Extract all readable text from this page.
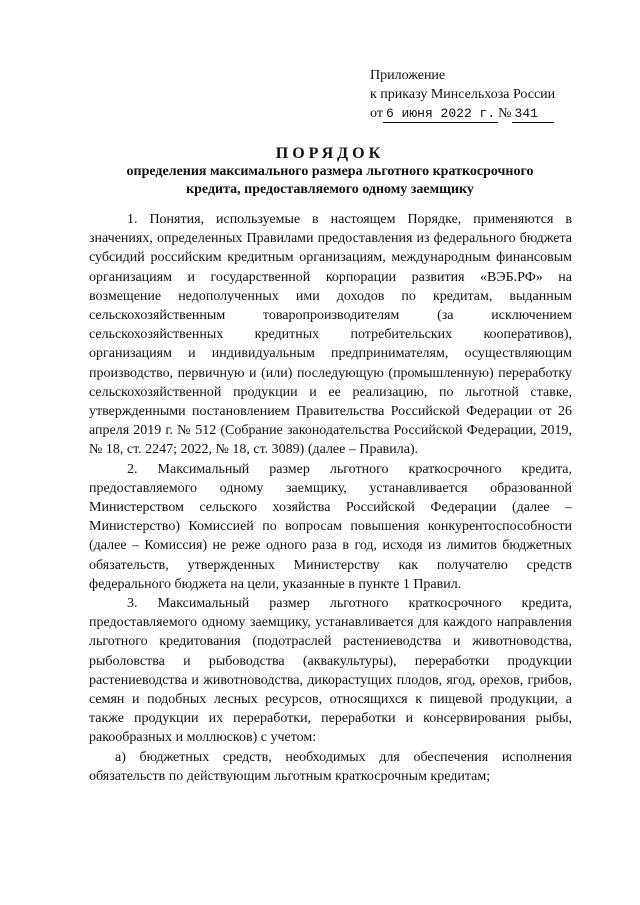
Приложение
к приказу Минсельхоза России
от 6 июня 2022 г. № 341
ПОРЯДОК
определения максимального размера льготного краткосрочного
кредита, предоставляемого одному заемщику

1. Понятия, используемые в настоящем Порядке, применяются в значениях, определенных Правилами предоставления из федерального бюджета субсидий российским кредитным организациям, международным финансовым организациям и государственной корпорации развития «ВЭБ.РФ» на возмещение недополученных ими доходов по кредитам, выданным сельскохозяйственным товаропроизводителям (за исключением сельскохозяйственных кредитных потребительских кооперативов), организациям и индивидуальным предпринимателям, осуществляющим производство, первичную и (или) последующую (промышленную) переработку сельскохозяйственной продукции и ее реализацию, по льготной ставке, утвержденными постановлением Правительства Российской Федерации от 26 апреля 2019 г. № 512 (Собрание законодательства Российской Федерации, 2019, № 18, ст. 2247; 2022, № 18, ст. 3089) (далее – Правила).

2. Максимальный размер льготного краткосрочного кредита, предоставляемого одному заемщику, устанавливается образованной Министерством сельского хозяйства Российской Федерации (далее – Министерство) Комиссией по вопросам повышения конкурентоспособности (далее – Комиссия) не реже одного раза в год, исходя из лимитов бюджетных обязательств, утвержденных Министерству как получателю средств федерального бюджета на цели, указанные в пункте 1 Правил.

3. Максимальный размер льготного краткосрочного кредита, предоставляемого одному заемщику, устанавливается для каждого направления льготного кредитования (подотраслей растениеводства и животноводства, рыболовства и рыбоводства (аквакультуры), переработки продукции растениеводства и животноводства, дикорастущих плодов, ягод, орехов, грибов, семян и подобных лесных ресурсов, относящихся к пищевой продукции, а также продукции их переработки, переработки и консервирования рыбы, ракообразных и моллюсков) с учетом:

а) бюджетных средств, необходимых для обеспечения исполнения обязательств по действующим льготным краткосрочным кредитам;
